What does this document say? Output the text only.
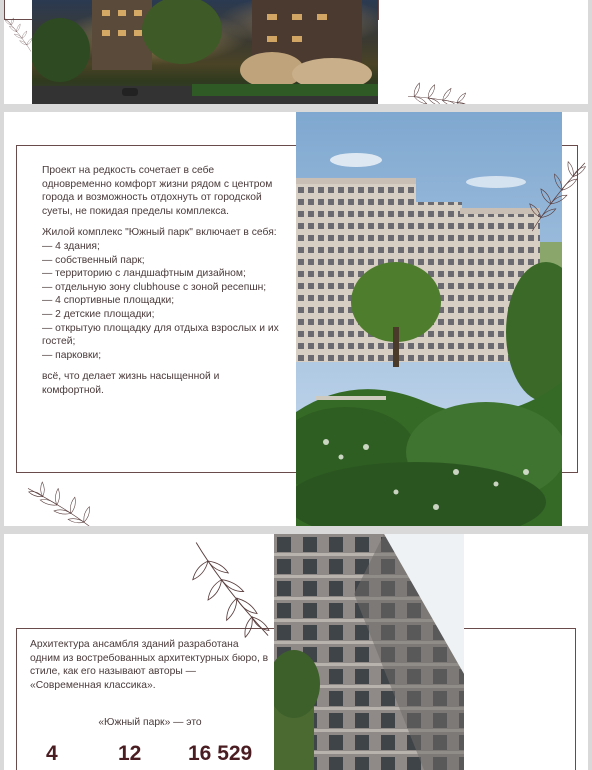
Проект на редкость сочетает в себе одновременно комфорт жизни рядом с центром города и возможность отдохнуть от городской суеты, не покидая пределы комплекса.

Жилой комплекс "Южный парк" включает в себя:

— 4 здания;
— собственный парк;
— территорию с ландшафтным дизайном;
— отдельную зону clubhouse с зоной ресепшн;
— 4 спортивные площадки;
— 2 детские площадки;
— открытую площадку для отдыха взрослых и их гостей;
— парковки;

всё, что делает жизнь насыщенной и комфортной.

Архитектура ансамбля зданий разработана одним из востребованных архитектурных бюро, в стиле, как его называют авторы — «Современная классика».
«Южный парк» — это
4	12 16 529
